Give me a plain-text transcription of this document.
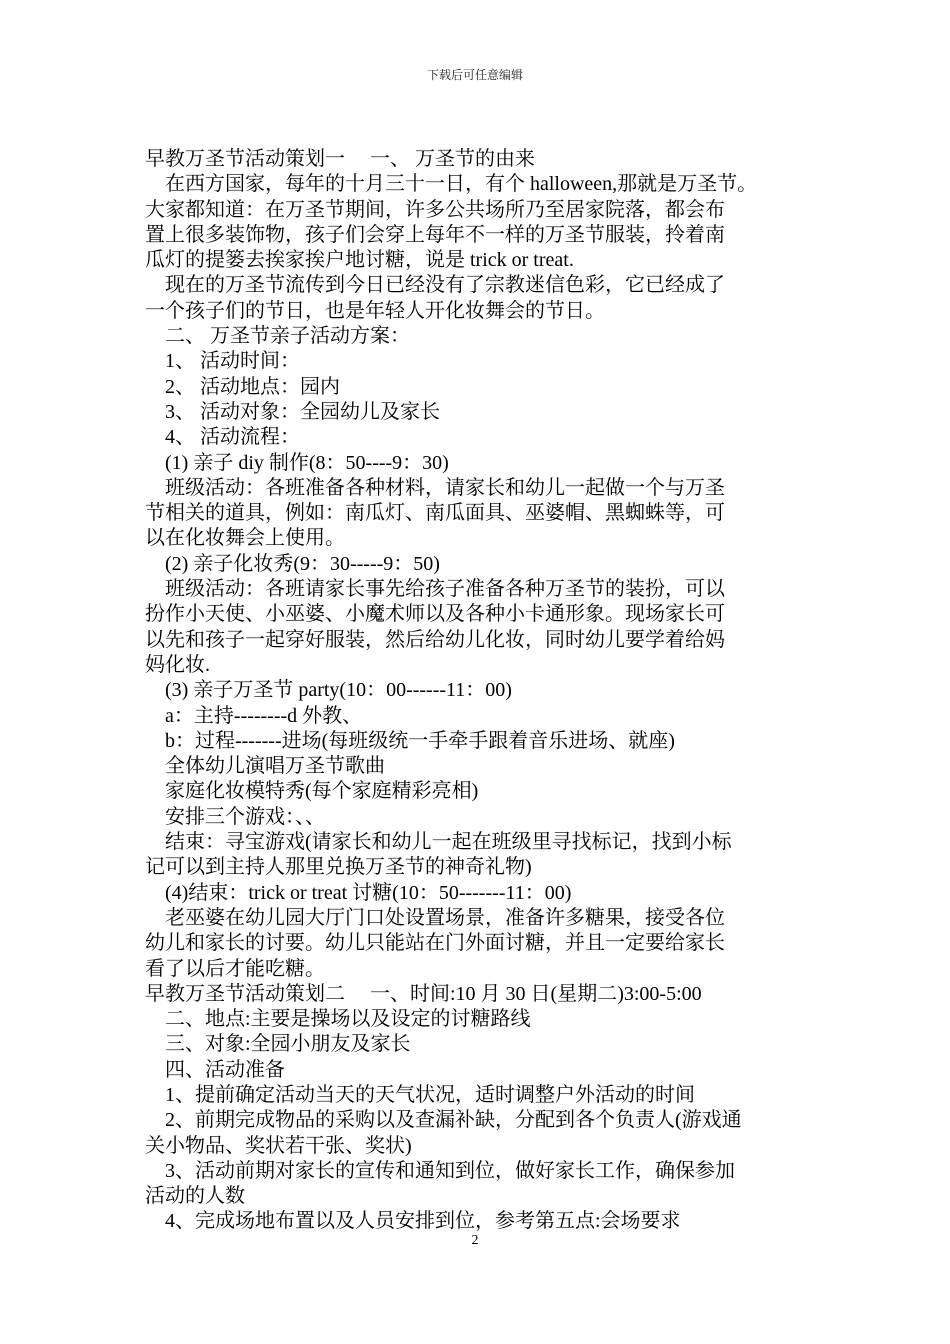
下载后可任意编辑
早教万圣节活动策划一　 一、 万圣节的由来
　在西方国家，每年的十月三十一日，有个 halloween,那就是万圣节。
大家都知道：在万圣节期间，许多公共场所乃至居家院落，都会布
置上很多装饰物，孩子们会穿上每年不一样的万圣节服装，拎着南
瓜灯的提篓去挨家挨户地讨糖，说是 trick or treat.
　现在的万圣节流传到今日已经没有了宗教迷信色彩，它已经成了
一个孩子们的节日，也是年轻人开化妆舞会的节日。
　二、 万圣节亲子活动方案：
　1、 活动时间：
　2、 活动地点：园内
　3、 活动对象：全园幼儿及家长
　4、 活动流程：
　(1) 亲子 diy 制作(8：50----9：30)
　班级活动：各班准备各种材料，请家长和幼儿一起做一个与万圣
节相关的道具，例如：南瓜灯、南瓜面具、巫婆帽、黑蜘蛛等，可
以在化妆舞会上使用。
　(2) 亲子化妆秀(9：30-----9：50)
　班级活动：各班请家长事先给孩子准备各种万圣节的装扮，可以
扮作小天使、小巫婆、小魔术师以及各种小卡通形象。现场家长可
以先和孩子一起穿好服装，然后给幼儿化妆，同时幼儿要学着给妈
妈化妆.
　(3) 亲子万圣节 party(10：00------11：00)
　a：主持--------d 外教、
　b：过程-------进场(每班级统一手牵手跟着音乐进场、就座)
　全体幼儿演唱万圣节歌曲
　家庭化妆模特秀(每个家庭精彩亮相)
　安排三个游戏：、、
　结束：寻宝游戏(请家长和幼儿一起在班级里寻找标记，找到小标
记可以到主持人那里兑换万圣节的神奇礼物)
　(4)结束：trick or treat 讨糖(10：50-------11：00)
　老巫婆在幼儿园大厅门口处设置场景，准备许多糖果，接受各位
幼儿和家长的讨要。幼儿只能站在门外面讨糖，并且一定要给家长
看了以后才能吃糖。
早教万圣节活动策划二　 一、时间:10 月 30 日(星期二)3:00-5:00
　二、地点:主要是操场以及设定的讨糖路线
　三、对象:全园小朋友及家长
　四、活动准备
　1、提前确定活动当天的天气状况，适时调整户外活动的时间
　2、前期完成物品的采购以及查漏补缺，分配到各个负责人(游戏通
关小物品、奖状若干张、奖状)
　3、活动前期对家长的宣传和通知到位，做好家长工作，确保参加
活动的人数
　4、完成场地布置以及人员安排到位，参考第五点:会场要求
2
